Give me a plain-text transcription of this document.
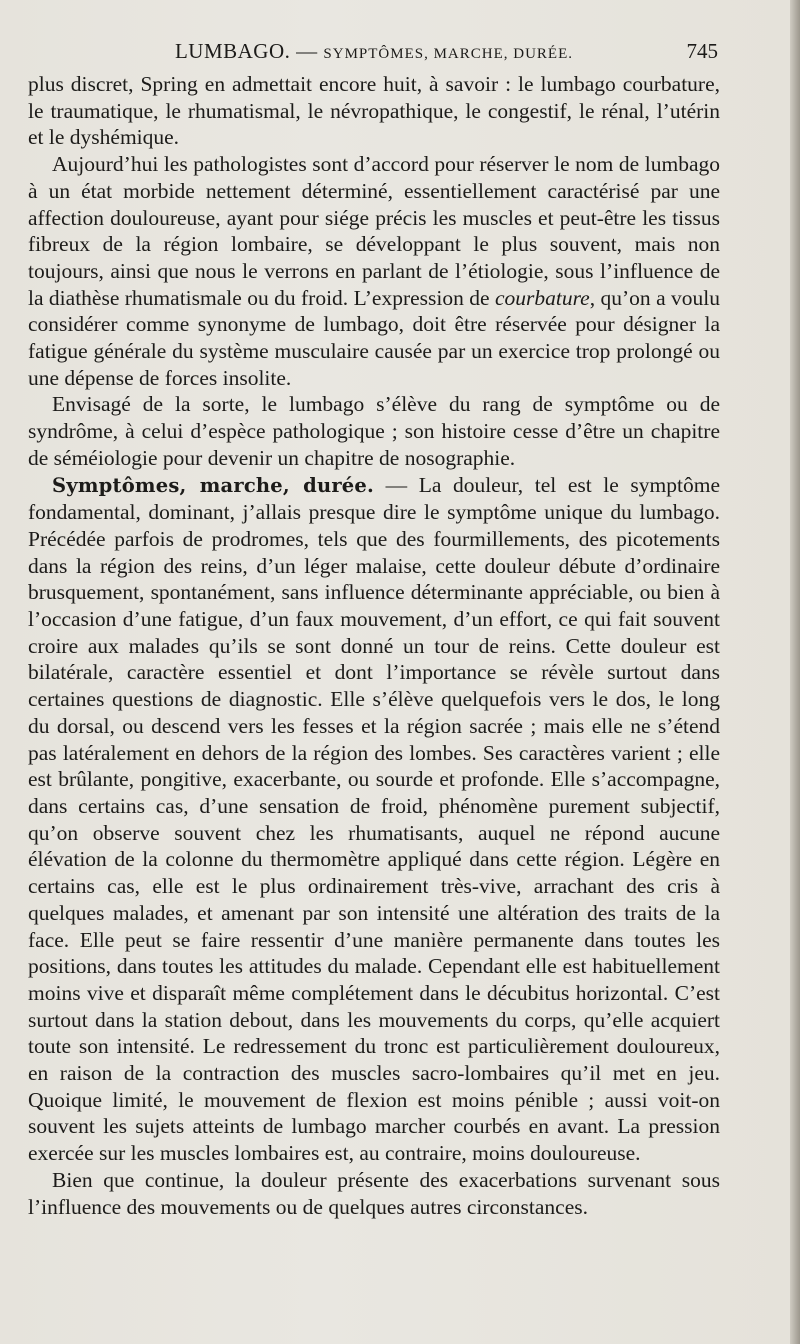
LUMBAGO. — SYMPTÔMES, MARCHE, DURÉE.	745

plus discret, Spring en admettait encore huit, à savoir : le lumbago courbature, le traumatique, le rhumatismal, le névropathique, le congestif, le rénal, l’utérin et le dyshémique.

Aujourd’hui les pathologistes sont d’accord pour réserver le nom de lumbago à un état morbide nettement déterminé, essentiellement caractérisé par une affection douloureuse, ayant pour siége précis les muscles et peut-être les tissus fibreux de la région lombaire, se développant le plus souvent, mais non toujours, ainsi que nous le verrons en parlant de l’étiologie, sous l’influence de la diathèse rhumatismale ou du froid. L’expression de courbature, qu’on a voulu considérer comme synonyme de lumbago, doit être réservée pour désigner la fatigue générale du système musculaire causée par un exercice trop prolongé ou une dépense de forces insolite.

Envisagé de la sorte, le lumbago s’élève du rang de symptôme ou de syndrôme, à celui d’espèce pathologique ; son histoire cesse d’être un chapitre de séméiologie pour devenir un chapitre de nosographie.

Symptômes, marche, durée. — La douleur, tel est le symptôme fondamental, dominant, j’allais presque dire le symptôme unique du lumbago. Précédée parfois de prodromes, tels que des fourmillements, des picotements dans la région des reins, d’un léger malaise, cette douleur débute d’ordinaire brusquement, spontanément, sans influence déterminante appréciable, ou bien à l’occasion d’une fatigue, d’un faux mouvement, d’un effort, ce qui fait souvent croire aux malades qu’ils se sont donné un tour de reins. Cette douleur est bilatérale, caractère essentiel et dont l’importance se révèle surtout dans certaines questions de diagnostic. Elle s’élève quelquefois vers le dos, le long du dorsal, ou descend vers les fesses et la région sacrée ; mais elle ne s’étend pas latéralement en dehors de la région des lombes. Ses caractères varient ; elle est brûlante, pongitive, exacerbante, ou sourde et profonde. Elle s’accompagne, dans certains cas, d’une sensation de froid, phénomène purement subjectif, qu’on observe souvent chez les rhumatisants, auquel ne répond aucune élévation de la colonne du thermomètre appliqué dans cette région. Légère en certains cas, elle est le plus ordinairement très-vive, arrachant des cris à quelques malades, et amenant par son intensité une altération des traits de la face. Elle peut se faire ressentir d’une manière permanente dans toutes les positions, dans toutes les attitudes du malade. Cependant elle est habituellement moins vive et disparaît même complétement dans le décubitus horizontal. C’est surtout dans la station debout, dans les mouvements du corps, qu’elle acquiert toute son intensité. Le redressement du tronc est particulièrement douloureux, en raison de la contraction des muscles sacro-lombaires qu’il met en jeu. Quoique limité, le mouvement de flexion est moins pénible ; aussi voit-on souvent les sujets atteints de lumbago marcher courbés en avant. La pression exercée sur les muscles lombaires est, au contraire, moins douloureuse.

Bien que continue, la douleur présente des exacerbations survenant sous l’influence des mouvements ou de quelques autres circonstances.
